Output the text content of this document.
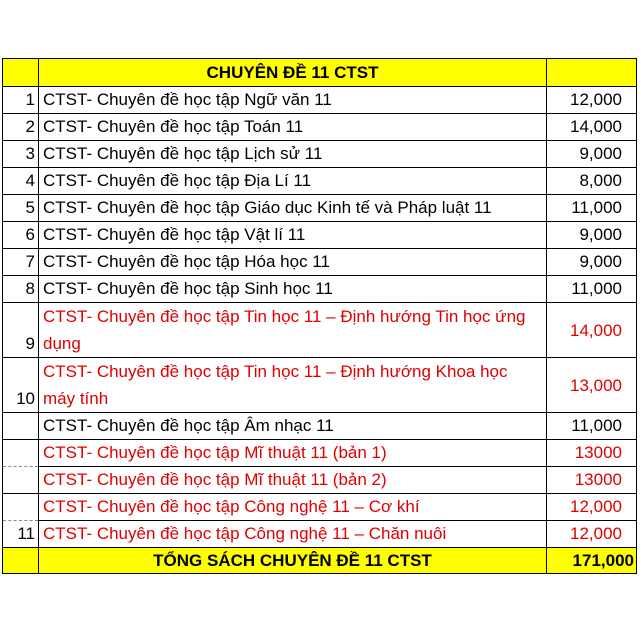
	CHUYÊN ĐỀ 11 CTST	
1	CTST- Chuyên đề học tập Ngữ văn 11	12,000
2	CTST- Chuyên đề học tập Toán 11	14,000
3	CTST- Chuyên đề học tập Lịch sử 11	9,000
4	CTST- Chuyên đề học tập Địa Lí 11	8,000
5	CTST- Chuyên đề học tập Giáo dục Kinh tế và Pháp luật 11	11,000
6	CTST- Chuyên đề học tập Vật lí 11	9,000
7	CTST- Chuyên đề học tập Hóa học 11	9,000
8	CTST- Chuyên đề học tập Sinh học 11	11,000
9	CTST- Chuyên đề học tập Tin học 11 – Định hướng Tin học ứng dụng	14,000
10	CTST- Chuyên đề học tập Tin học 11 – Định hướng Khoa học máy tính	13,000
	CTST- Chuyên đề học tập Âm nhạc 11	11,000
	CTST- Chuyên đề học tập Mĩ thuật 11 (bản 1)	13000
	CTST- Chuyên đề học tập Mĩ thuật 11 (bản 2)	13000
	CTST- Chuyên đề học tập Công nghệ 11 – Cơ khí	12,000
11	CTST- Chuyên đề học tập Công nghệ 11 – Chăn nuôi	12,000
	TỔNG SÁCH CHUYÊN ĐỀ 11 CTST	171,000
